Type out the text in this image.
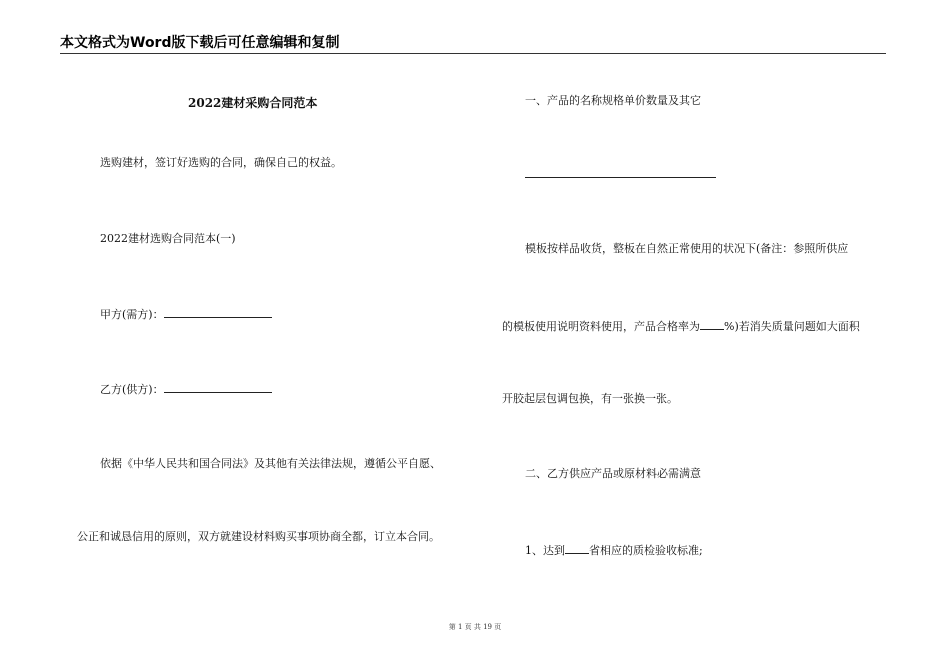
本文格式为Word版下载后可任意编辑和复制
2022建材采购合同范本
选购建材，签订好选购的合同，确保自己的权益。
2022建材选购合同范本(一)
甲方(需方)：
乙方(供方)：
依据《中华人民共和国合同法》及其他有关法律法规，遵循公平自愿、
公正和诚恳信用的原则，双方就建设材料购买事项协商全都，订立本合同。
一、产品的名称规格单价数量及其它
模板按样品收货，整板在自然正常使用的状况下(备注：参照所供应
的模板使用说明资料使用，产品合格率为 %)若消失质量问题如大面积
开胶起层包调包换，有一张换一张。
二、乙方供应产品或原材料必需满意
1、达到 省相应的质检验收标准;
第 1 页 共 19 页
